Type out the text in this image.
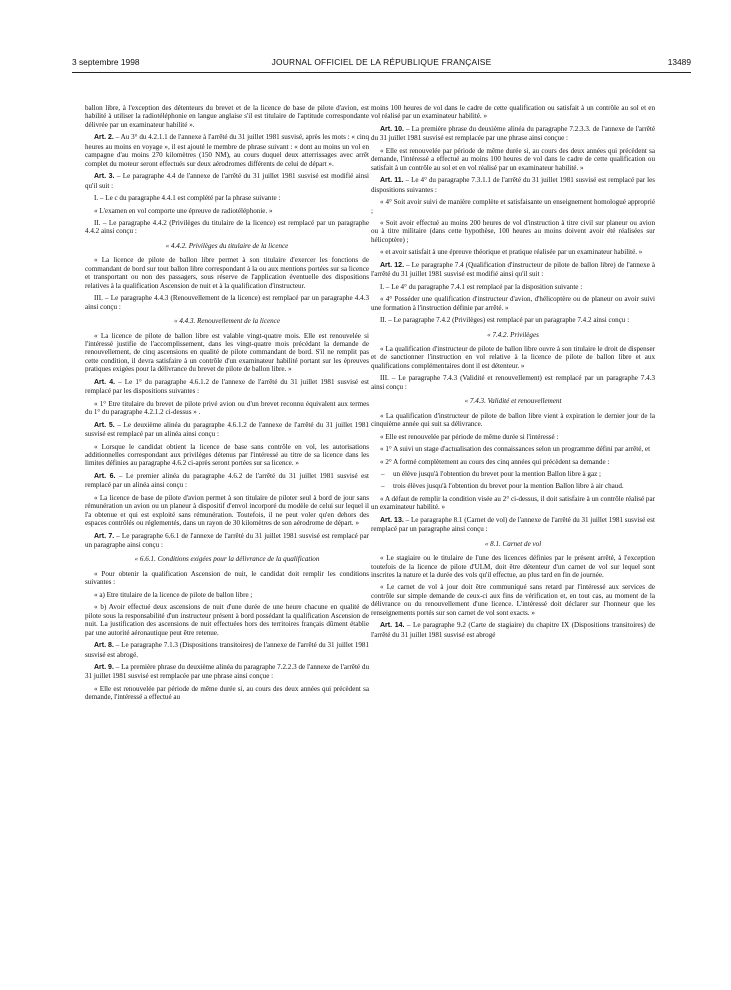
3 septembre 1998	JOURNAL OFFICIEL DE LA RÉPUBLIQUE FRANÇAISE	13489

ballon libre, à l'exception des détenteurs du brevet et de la licence de base de pilote d'avion, est habilité à utiliser la radiotéléphonie en langue anglaise s'il est titulaire de l'aptitude correspondante délivrée par un examinateur habilité ».

Art. 2. – Au 3° du 4.2.1.1 de l'annexe à l'arrêté du 31 juillet 1981 susvisé, après les mots : « cinq heures au moins en voyage », il est ajouté le membre de phrase suivant : « dont au moins un vol en campagne d'au moins 270 kilomètres (150 NM), au cours duquel deux atterrissages avec arrêt complet du moteur seront effectués sur deux aérodromes différents de celui de départ ».

Art. 3. – Le paragraphe 4.4 de l'annexe de l'arrêté du 31 juillet 1981 susvisé est modifié ainsi qu'il suit :

I. – Le c du paragraphe 4.4.1 est complété par la phrase suivante :

« L'examen en vol comporte une épreuve de radiotéléphonie. »

II. – Le paragraphe 4.4.2 (Privilèges du titulaire de la licence) est remplacé par un paragraphe 4.4.2 ainsi conçu :

« 4.4.2. Privilèges du titulaire de la licence

« La licence de pilote de ballon libre permet à son titulaire d'exercer les fonctions de commandant de bord sur tout ballon libre correspondant à la ou aux mentions portées sur sa licence et transportant ou non des passagers, sous réserve de l'application éventuelle des dispositions relatives à la qualification Ascension de nuit et à la qualification d'instructeur.

III. – Le paragraphe 4.4.3 (Renouvellement de la licence) est remplacé par un paragraphe 4.4.3 ainsi conçu :

« 4.4.3. Renouvellement de la licence

« La licence de pilote de ballon libre est valable vingt-quatre mois. Elle est renouvelée si l'intéressé justifie de l'accomplissement, dans les vingt-quatre mois précédant la demande de renouvellement, de cinq ascensions en qualité de pilote commandant de bord. S'il ne remplit pas cette condition, il devra satisfaire à un contrôle d'un examinateur habilité portant sur les épreuves pratiques exigées pour la délivrance du brevet de pilote de ballon libre. »

Art. 4. – Le 1° du paragraphe 4.6.1.2 de l'annexe de l'arrêté du 31 juillet 1981 susvisé est remplacé par les dispositions suivantes :

« 1° Etre titulaire du brevet de pilote privé avion ou d'un brevet reconnu équivalent aux termes du 1° du paragraphe 4.2.1.2 ci-dessus » .

Art. 5. – Le deuxième alinéa du paragraphe 4.6.1.2 de l'annexe de l'arrêté du 31 juillet 1981 susvisé est remplacé par un alinéa ainsi conçu :

« Lorsque le candidat obtient la licence de base sans contrôle en vol, les autorisations additionnelles correspondant aux privilèges détenus par l'intéressé au titre de sa licence dans les limites définies au paragraphe 4.6.2 ci-après seront portées sur sa licence. »

Art. 6. – Le premier alinéa du paragraphe 4.6.2 de l'arrêté du 31 juillet 1981 susvisé est remplacé par un alinéa ainsi conçu :

« La licence de base de pilote d'avion permet à son titulaire de piloter seul à bord de jour sans rémunération un avion ou un planeur à dispositif d'envol incorporé du modèle de celui sur lequel il l'a obtenue et qui est exploité sans rémunération. Toutefois, il ne peut voler qu'en dehors des espaces contrôlés ou réglementés, dans un rayon de 30 kilomètres de son aérodrome de départ. »

Art. 7. – Le paragraphe 6.6.1 de l'annexe de l'arrêté du 31 juillet 1981 susvisé est remplacé par un paragraphe ainsi conçu :

« 6.6.1. Conditions exigées pour la délivrance de la qualification

« Pour obtenir la qualification Ascension de nuit, le candidat doit remplir les conditions suivantes :

« a) Etre titulaire de la licence de pilote de ballon libre ;

« b) Avoir effectué deux ascensions de nuit d'une durée de une heure chacune en qualité de pilote sous la responsabilité d'un instructeur présent à bord possédant la qualification Ascension de nuit. La justification des ascensions de nuit effectuées hors des territoires français dûment établie par une autorité aéronautique peut être retenue.

Art. 8. – Le paragraphe 7.1.3 (Dispositions transitoires) de l'annexe de l'arrêté du 31 juillet 1981 susvisé est abrogé.

Art. 9. – La première phrase du deuxième alinéa du paragraphe 7.2.2.3 de l'annexe de l'arrêté du 31 juillet 1981 susvisé est remplacée par une phrase ainsi conçue :

« Elle est renouvelée par période de même durée si, au cours des deux années qui précèdent sa demande, l'intéressé a effectué au

moins 100 heures de vol dans le cadre de cette qualification ou satisfait à un contrôle au sol et en vol réalisé par un examinateur habilité. »

Art. 10. – La première phrase du deuxième alinéa du paragraphe 7.2.3.3. de l'annexe de l'arrêté du 31 juillet 1981 susvisé est remplacée par une phrase ainsi conçue :

« Elle est renouvelée par période de même durée si, au cours des deux années qui précèdent sa demande, l'intéressé a effectué au moins 100 heures de vol dans le cadre de cette qualification ou satisfait à un contrôle au sol et en vol réalisé par un examinateur habilité. »

Art. 11. – Le 4° du paragraphe 7.3.1.1 de l'arrêté du 31 juillet 1981 susvisé est remplacé par les dispositions suivantes :

« 4° Soit avoir suivi de manière complète et satisfaisante un enseignement homologué approprié ;

« Soit avoir effectué au moins 200 heures de vol d'instruction à titre civil sur planeur ou avion ou à titre militaire (dans cette hypothèse, 100 heures au moins doivent avoir été réalisées sur hélicoptère) ;

« et avoir satisfait à une épreuve théorique et pratique réalisée par un examinateur habilité. »

Art. 12. – Le paragraphe 7.4 (Qualification d'instructeur de pilote de ballon libre) de l'annexe à l'arrêté du 31 juillet 1981 susvisé est modifié ainsi qu'il suit :

I. – Le 4° du paragraphe 7.4.1 est remplacé par la disposition suivante :

« 4° Posséder une qualification d'instructeur d'avion, d'hélicoptère ou de planeur ou avoir suivi une formation à l'instruction définie par arrêté. »

II. – Le paragraphe 7.4.2 (Privilèges) est remplacé par un paragraphe 7.4.2 ainsi conçu :

« 7.4.2. Privilèges

« La qualification d'instructeur de pilote de ballon libre ouvre à son titulaire le droit de dispenser et de sanctionner l'instruction en vol relative à la licence de pilote de ballon libre et aux qualifications complémentaires dont il est détenteur. »

III. – Le paragraphe 7.4.3 (Validité et renouvellement) est remplacé par un paragraphe 7.4.3 ainsi conçu :

« 7.4.3. Validité et renouvellement

« La qualification d'instructeur de pilote de ballon libre vient à expiration le dernier jour de la cinquième année qui suit sa délivrance.

« Elle est renouvelée par période de même durée si l'intéressé :

« 1° A suivi un stage d'actualisation des connaissances selon un programme défini par arrêté, et

« 2° A formé complètement au cours des cinq années qui précèdent sa demande :

– un élève jusqu'à l'obtention du brevet pour la mention Ballon libre à gaz ;

– trois élèves jusqu'à l'obtention du brevet pour la mention Ballon libre à air chaud.

« A défaut de remplir la condition visée au 2° ci-dessus, il doit satisfaire à un contrôle réalisé par un examinateur habilité. »

Art. 13. – Le paragraphe 8.1 (Carnet de vol) de l'annexe de l'arrêté du 31 juillet 1981 susvisé est remplacé par un paragraphe ainsi conçu :

« 8.1. Carnet de vol

« Le stagiaire ou le titulaire de l'une des licences définies par le présent arrêté, à l'exception toutefois de la licence de pilote d'ULM, doit être détenteur d'un carnet de vol sur lequel sont inscrites la nature et la durée des vols qu'il effectue, au plus tard en fin de journée.

« Le carnet de vol à jour doit être communiqué sans retard par l'intéressé aux services de contrôle sur simple demande de ceux-ci aux fins de vérification et, en tout cas, au moment de la délivrance ou du renouvellement d'une licence. L'intéressé doit déclarer sur l'honneur que les renseignements portés sur son carnet de vol sont exacts. »

Art. 14. – Le paragraphe 9.2 (Carte de stagiaire) du chapitre IX (Dispositions transitoires) de l'arrêté du 31 juillet 1981 susvisé est abrogé
